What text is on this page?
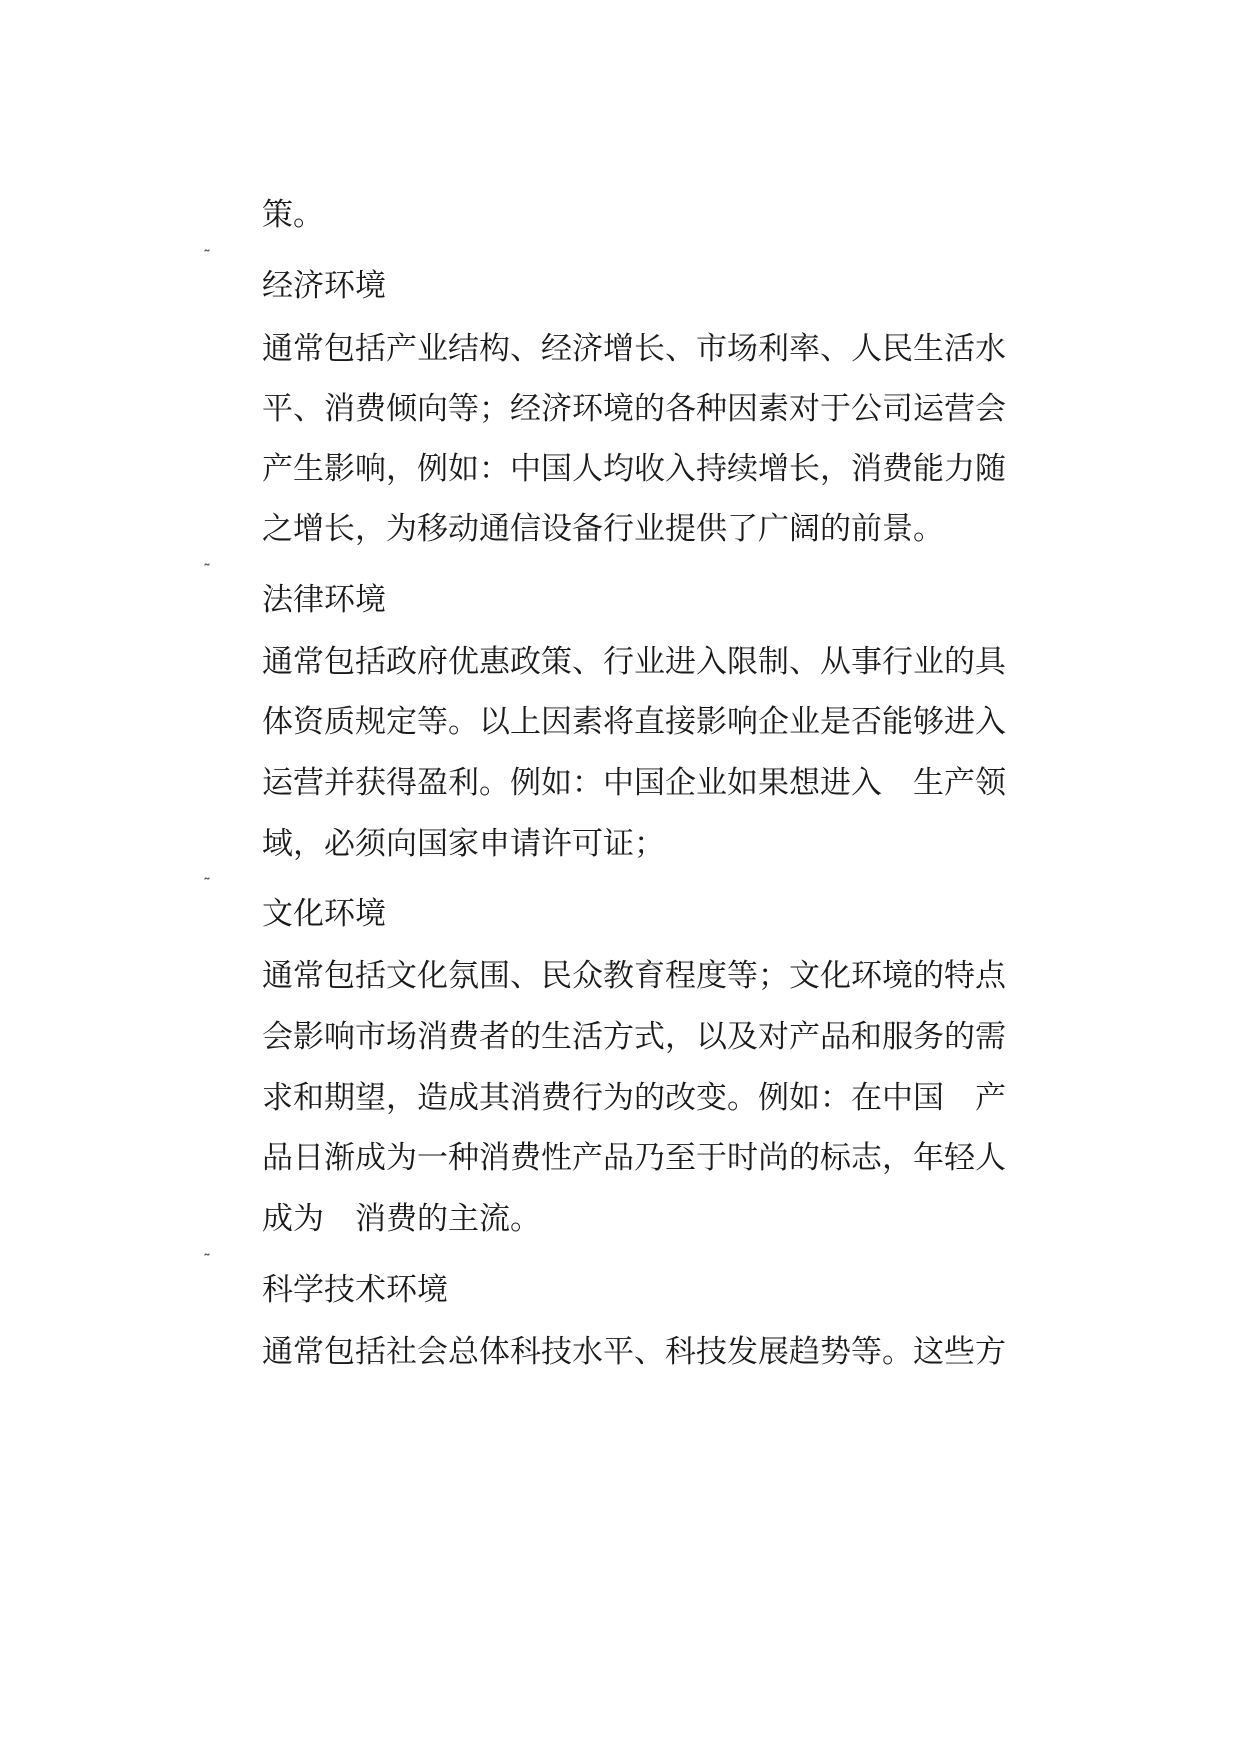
策。
˜
经济环境
通常包括产业结构、经济增长、市场利率、人民生活水
平、消费倾向等；经济环境的各种因素对于公司运营会
产生影响，例如：中国人均收入持续增长，消费能力随
之增长，为移动通信设备行业提供了广阔的前景。
˜
法律环境
通常包括政府优惠政策、行业进入限制、从事行业的具
体资质规定等。以上因素将直接影响企业是否能够进入
运营并获得盈利。例如：中国企业如果想进入　生产领
域，必须向国家申请许可证；
˜
文化环境
通常包括文化氛围、民众教育程度等；文化环境的特点
会影响市场消费者的生活方式，以及对产品和服务的需
求和期望，造成其消费行为的改变。例如：在中国　产
品日渐成为一种消费性产品乃至于时尚的标志，年轻人
成为　消费的主流。
˜
科学技术环境
通常包括社会总体科技水平、科技发展趋势等。这些方
